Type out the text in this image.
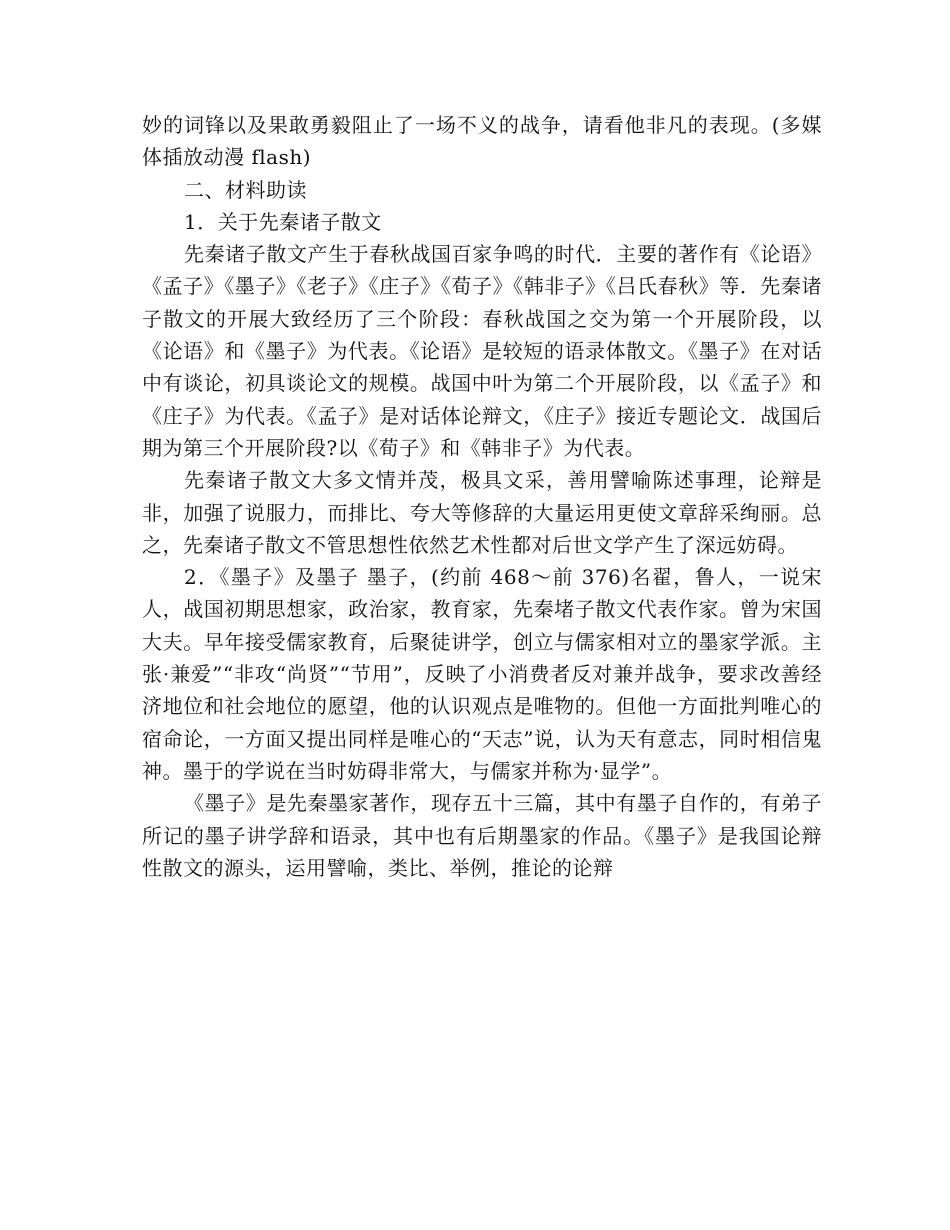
妙的词锋以及果敢勇毅阻止了一场不义的战争，请看他非凡的表现。(多媒体插放动漫 flash)

二、材料助读

1．关于先秦诸子散文

先秦诸子散文产生于春秋战国百家争鸣的时代．主要的著作有《论语》《孟子》《墨子》《老子》《庄子》《荀子》《韩非子》《吕氏春秋》等．先秦诸子散文的开展大致经历了三个阶段：春秋战国之交为第一个开展阶段，以《论语》和《墨子》为代表。《论语》是较短的语录体散文。《墨子》在对话中有谈论，初具谈论文的规模。战国中叶为第二个开展阶段，以《孟子》和《庄子》为代表。《孟子》是对话体论辩文，《庄子》接近专题论文．战国后期为第三个开展阶段?以《荀子》和《韩非子》为代表。

先秦诸子散文大多文情并茂，极具文采，善用譬喻陈述事理，论辩是非，加强了说服力，而排比、夸大等修辞的大量运用更使文章辞采绚丽。总之，先秦诸子散文不管思想性依然艺术性都对后世文学产生了深远妨碍。

2．《墨子》及墨子 墨子，(约前 468～前 376)名翟，鲁人，一说宋人，战国初期思想家，政治家，教育家，先秦堵子散文代表作家。曾为宋国大夫。早年接受儒家教育，后聚徒讲学，创立与儒家相对立的墨家学派。主张·兼爱”“非攻“尚贤”“节用”，反映了小消费者反对兼并战争，要求改善经济地位和社会地位的愿望，他的认识观点是唯物的。但他一方面批判唯心的宿命论，一方面又提出同样是唯心的“天志”说，认为天有意志，同时相信鬼神。墨于的学说在当时妨碍非常大，与儒家并称为·显学”。

《墨子》是先秦墨家著作，现存五十三篇，其中有墨子自作的，有弟子所记的墨子讲学辞和语录，其中也有后期墨家的作品。《墨子》是我国论辩性散文的源头，运用譬喻，类比、举例，推论的论辩
